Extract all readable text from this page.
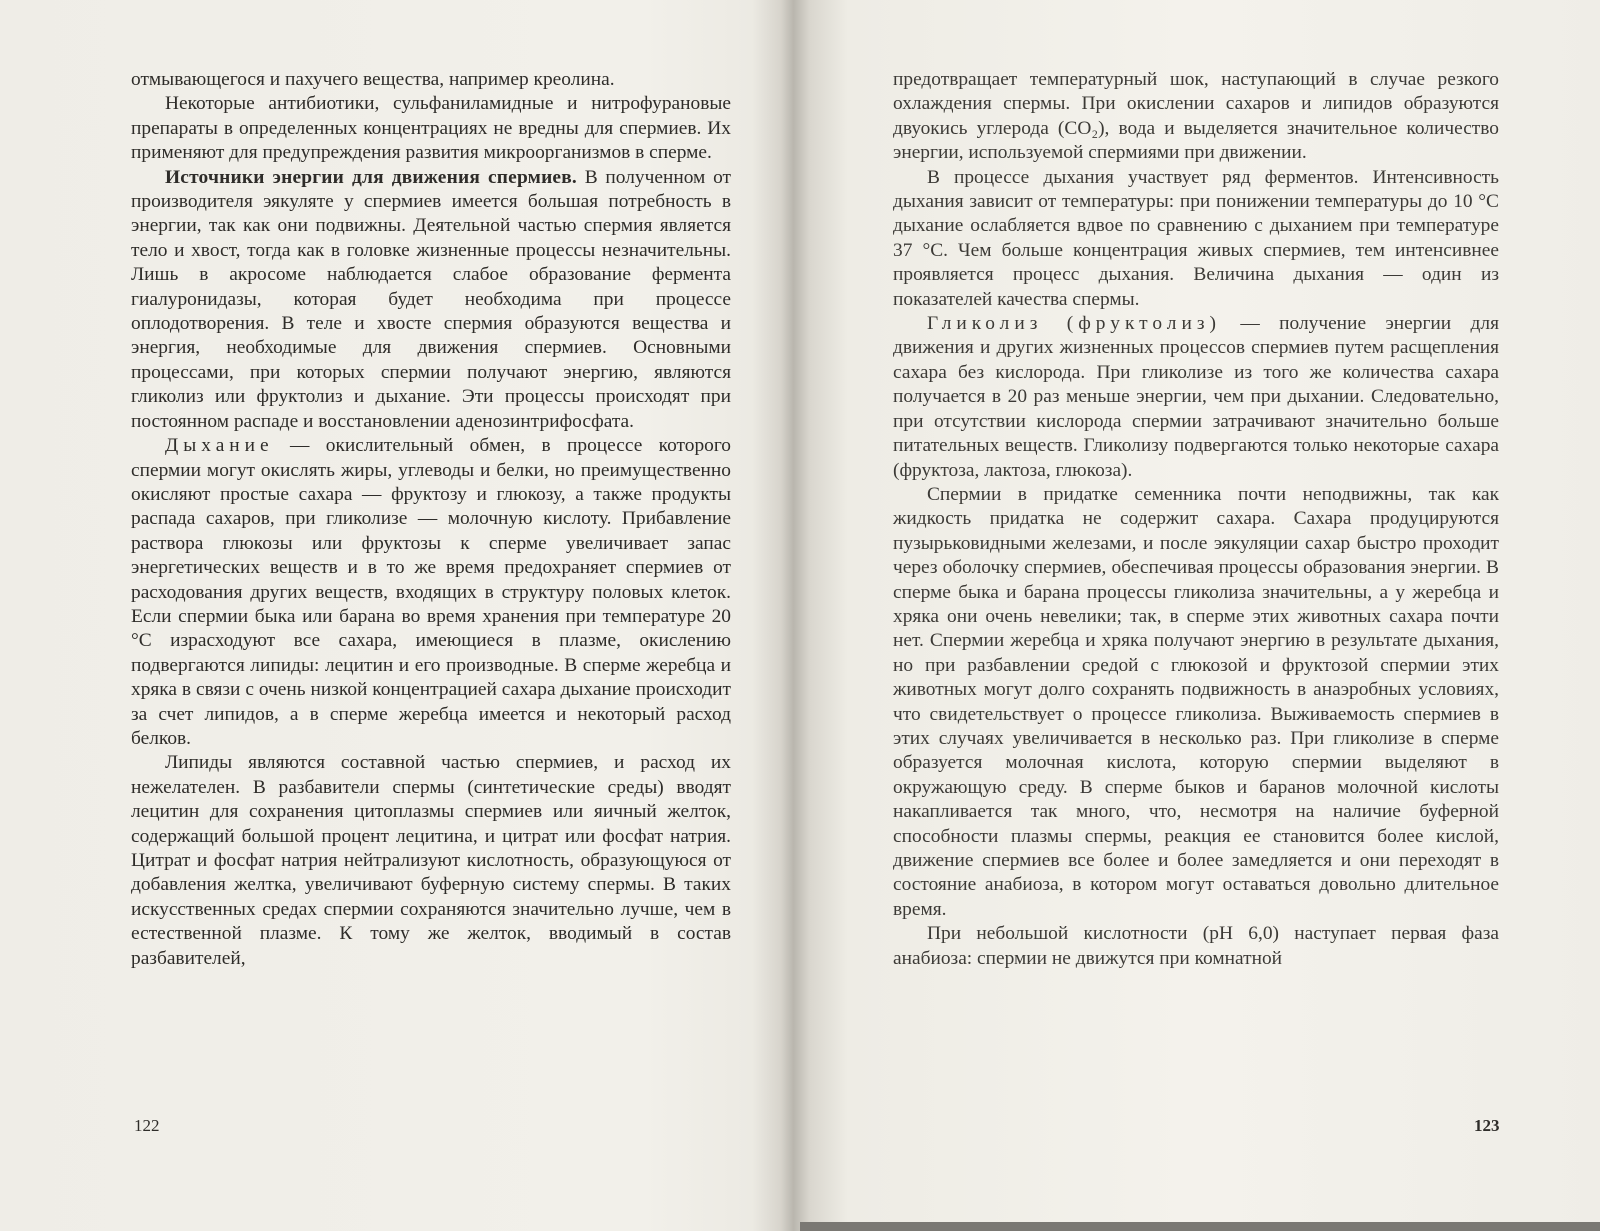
отмывающегося и пахучего вещества, например креолина.

Некоторые антибиотики, сульфаниламидные и нитрофурановые препараты в определенных концентрациях не вредны для спермиев. Их применяют для предупреждения развития микроорганизмов в сперме.

Источники энергии для движения спермиев. В полученном от производителя эякуляте у спермиев имеется большая потребность в энергии, так как они подвижны. Деятельной частью спермия является тело и хвост, тогда как в головке жизненные процессы незначительны. Лишь в акросоме наблюдается слабое образование фермента гиалуронидазы, которая будет необходима при процессе оплодотворения. В теле и хвосте спермия образуются вещества и энергия, необходимые для движения спермиев. Основными процессами, при которых спермии получают энергию, являются гликолиз или фруктолиз и дыхание. Эти процессы происходят при постоянном распаде и восстановлении аденозинтрифосфата.

Дыхание — окислительный обмен, в процессе которого спермии могут окислять жиры, углеводы и белки, но преимущественно окисляют простые сахара — фруктозу и глюкозу, а также продукты распада сахаров, при гликолизе — молочную кислоту. Прибавление раствора глюкозы или фруктозы к сперме увеличивает запас энергетических веществ и в то же время предохраняет спермиев от расходования других веществ, входящих в структуру половых клеток. Если спермии быка или барана во время хранения при температуре 20 °С израсходуют все сахара, имеющиеся в плазме, окислению подвергаются липиды: лецитин и его производные. В сперме жеребца и хряка в связи с очень низкой концентрацией сахара дыхание происходит за счет липидов, а в сперме жеребца имеется и некоторый расход белков.

Липиды являются составной частью спермиев, и расход их нежелателен. В разбавители спермы (синтетические среды) вводят лецитин для сохранения цитоплазмы спермиев или яичный желток, содержащий большой процент лецитина, и цитрат или фосфат натрия. Цитрат и фосфат натрия нейтрализуют кислотность, образующуюся от добавления желтка, увеличивают буферную систему спермы. В таких искусственных средах спермии сохраняются значительно лучше, чем в естественной плазме. К тому же желток, вводимый в состав разбавителей,

122

предотвращает температурный шок, наступающий в случае резкого охлаждения спермы. При окислении сахаров и липидов образуются двуокись углерода (CO₂), вода и выделяется значительное количество энергии, используемой спермиями при движении.

В процессе дыхания участвует ряд ферментов. Интенсивность дыхания зависит от температуры: при понижении температуры до 10 °С дыхание ослабляется вдвое по сравнению с дыханием при температуре 37 °С. Чем больше концентрация живых спермиев, тем интенсивнее проявляется процесс дыхания. Величина дыхания — один из показателей качества спермы.

Гликолиз (фруктолиз) — получение энергии для движения и других жизненных процессов спермиев путем расщепления сахара без кислорода. При гликолизе из того же количества сахара получается в 20 раз меньше энергии, чем при дыхании. Следовательно, при отсутствии кислорода спермии затрачивают значительно больше питательных веществ. Гликолизу подвергаются только некоторые сахара (фруктоза, лактоза, глюкоза).

Спермии в придатке семенника почти неподвижны, так как жидкость придатка не содержит сахара. Сахара продуцируются пузырьковидными железами, и после эякуляции сахар быстро проходит через оболочку спермиев, обеспечивая процессы образования энергии. В сперме быка и барана процессы гликолиза значительны, а у жеребца и хряка они очень невелики; так, в сперме этих животных сахара почти нет. Спермии жеребца и хряка получают энергию в результате дыхания, но при разбавлении средой с глюкозой и фруктозой спермии этих животных могут долго сохранять подвижность в анаэробных условиях, что свидетельствует о процессе гликолиза. Выживаемость спермиев в этих случаях увеличивается в несколько раз. При гликолизе в сперме образуется молочная кислота, которую спермии выделяют в окружающую среду. В сперме быков и баранов молочной кислоты накапливается так много, что, несмотря на наличие буферной способности плазмы спермы, реакция ее становится более кислой, движение спермиев все более и более замедляется и они переходят в состояние анабиоза, в котором могут оставаться довольно длительное время.

При небольшой кислотности (pH 6,0) наступает первая фаза анабиоза: спермии не движутся при комнатной

123
